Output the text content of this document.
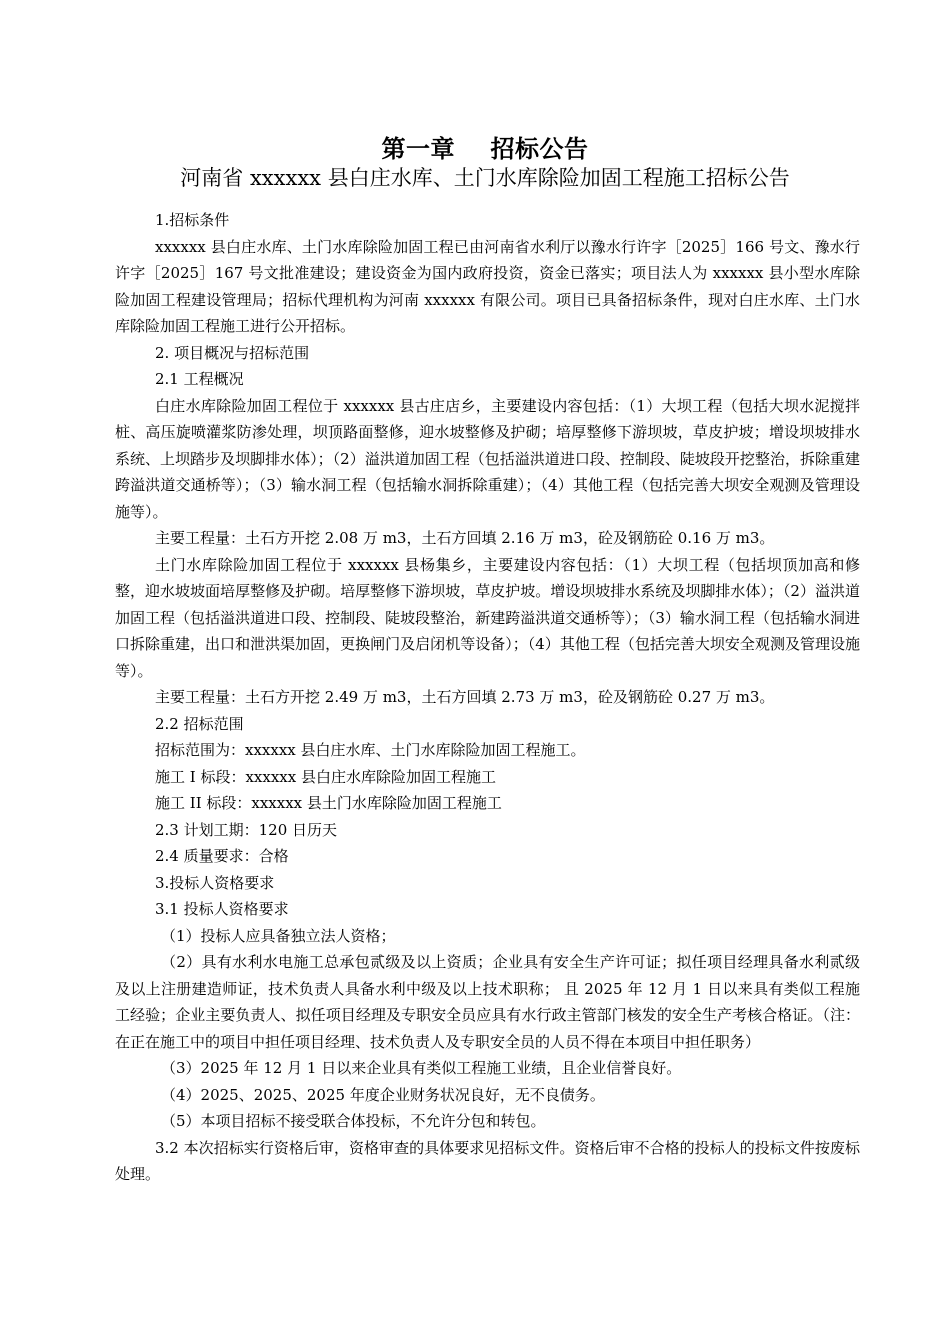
第一章    招标公告
河南省 xxxxxx 县白庄水库、土门水库除险加固工程施工招标公告

1.招标条件

xxxxxx 县白庄水库、土门水库除险加固工程已由河南省水利厅以豫水行许字［2025］166 号文、豫水行许字［2025］167 号文批准建设；建设资金为国内政府投资，资金已落实；项目法人为 xxxxxx 县小型水库除险加固工程建设管理局；招标代理机构为河南 xxxxxx 有限公司。项目已具备招标条件，现对白庄水库、土门水库除险加固工程施工进行公开招标。

2. 项目概况与招标范围

2.1 工程概况

白庄水库除险加固工程位于 xxxxxx 县古庄店乡，主要建设内容包括：（1）大坝工程（包括大坝水泥搅拌桩、高压旋喷灌浆防渗处理，坝顶路面整修，迎水坡整修及护砌；培厚整修下游坝坡，草皮护坡；增设坝坡排水系统、上坝踏步及坝脚排水体）；（2）溢洪道加固工程（包括溢洪道进口段、控制段、陡坡段开挖整治，拆除重建跨溢洪道交通桥等）；（3）输水洞工程（包括输水洞拆除重建）；（4）其他工程（包括完善大坝安全观测及管理设施等）。

主要工程量：土石方开挖 2.08 万 m3，土石方回填 2.16 万 m3，砼及钢筋砼 0.16 万 m3。

土门水库除险加固工程位于 xxxxxx 县杨集乡，主要建设内容包括：（1）大坝工程（包括坝顶加高和修整，迎水坡坡面培厚整修及护砌。培厚整修下游坝坡，草皮护坡。增设坝坡排水系统及坝脚排水体）；（2）溢洪道加固工程（包括溢洪道进口段、控制段、陡坡段整治，新建跨溢洪道交通桥等）；（3）输水洞工程（包括输水洞进口拆除重建，出口和泄洪渠加固，更换闸门及启闭机等设备）；（4）其他工程（包括完善大坝安全观测及管理设施等）。

主要工程量：土石方开挖 2.49 万 m3，土石方回填 2.73 万 m3，砼及钢筋砼 0.27 万 m3。

2.2 招标范围

招标范围为：xxxxxx 县白庄水库、土门水库除险加固工程施工。

施工 I 标段：xxxxxx 县白庄水库除险加固工程施工

施工 II 标段：xxxxxx 县土门水库除险加固工程施工

2.3 计划工期：120 日历天

2.4 质量要求：合格

3.投标人资格要求

3.1 投标人资格要求

（1）投标人应具备独立法人资格；

（2）具有水利水电施工总承包贰级及以上资质；企业具有安全生产许可证；拟任项目经理具备水利贰级及以上注册建造师证，技术负责人具备水利中级及以上技术职称； 且 2025 年 12 月 1 日以来具有类似工程施工经验；企业主要负责人、拟任项目经理及专职安全员应具有水行政主管部门核发的安全生产考核合格证。（注：在正在施工中的项目中担任项目经理、技术负责人及专职安全员的人员不得在本项目中担任职务）

（3）2025 年 12 月 1 日以来企业具有类似工程施工业绩，且企业信誉良好。

（4）2025、2025、2025 年度企业财务状况良好，无不良债务。

（5）本项目招标不接受联合体投标，不允许分包和转包。

3.2 本次招标实行资格后审，资格审查的具体要求见招标文件。资格后审不合格的投标人的投标文件按废标处理。
